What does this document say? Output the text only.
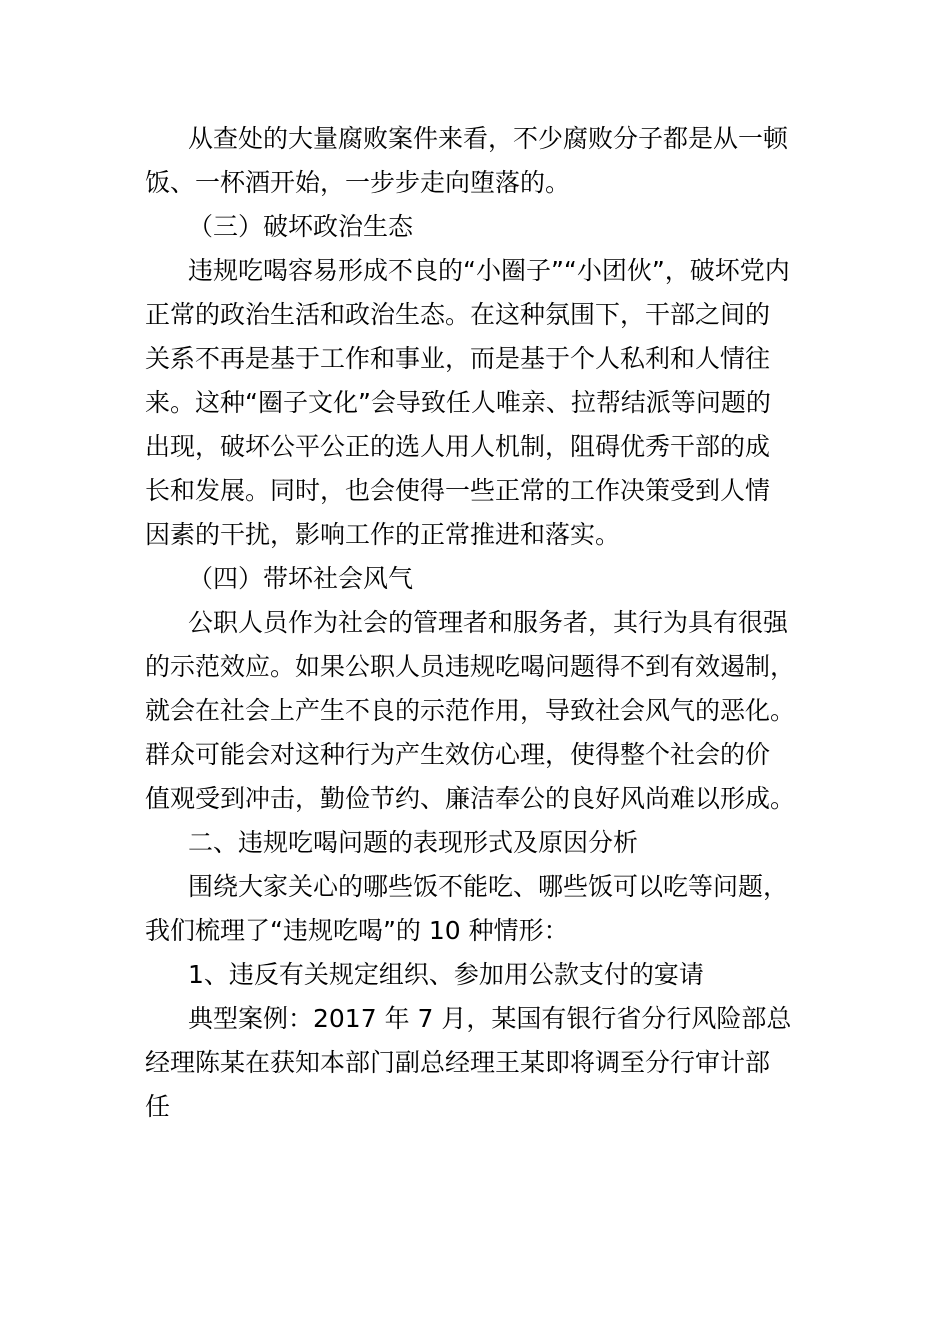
从查处的大量腐败案件来看，不少腐败分子都是从一顿
饭、一杯酒开始，一步步走向堕落的。
（三）破坏政治生态
违规吃喝容易形成不良的“小圈子”“小团伙”，破坏党内
正常的政治生活和政治生态。在这种氛围下，干部之间的
关系不再是基于工作和事业，而是基于个人私利和人情往
来。这种“圈子文化”会导致任人唯亲、拉帮结派等问题的
出现，破坏公平公正的选人用人机制，阻碍优秀干部的成
长和发展。同时，也会使得一些正常的工作决策受到人情
因素的干扰，影响工作的正常推进和落实。
（四）带坏社会风气
公职人员作为社会的管理者和服务者，其行为具有很强
的示范效应。如果公职人员违规吃喝问题得不到有效遏制，
就会在社会上产生不良的示范作用，导致社会风气的恶化。
群众可能会对这种行为产生效仿心理，使得整个社会的价
值观受到冲击，勤俭节约、廉洁奉公的良好风尚难以形成。
二、违规吃喝问题的表现形式及原因分析
围绕大家关心的哪些饭不能吃、哪些饭可以吃等问题，
我们梳理了“违规吃喝”的 10 种情形：
1、违反有关规定组织、参加用公款支付的宴请
典型案例：2017 年 7 月，某国有银行省分行风险部总
经理陈某在获知本部门副总经理王某即将调至分行审计部
任
